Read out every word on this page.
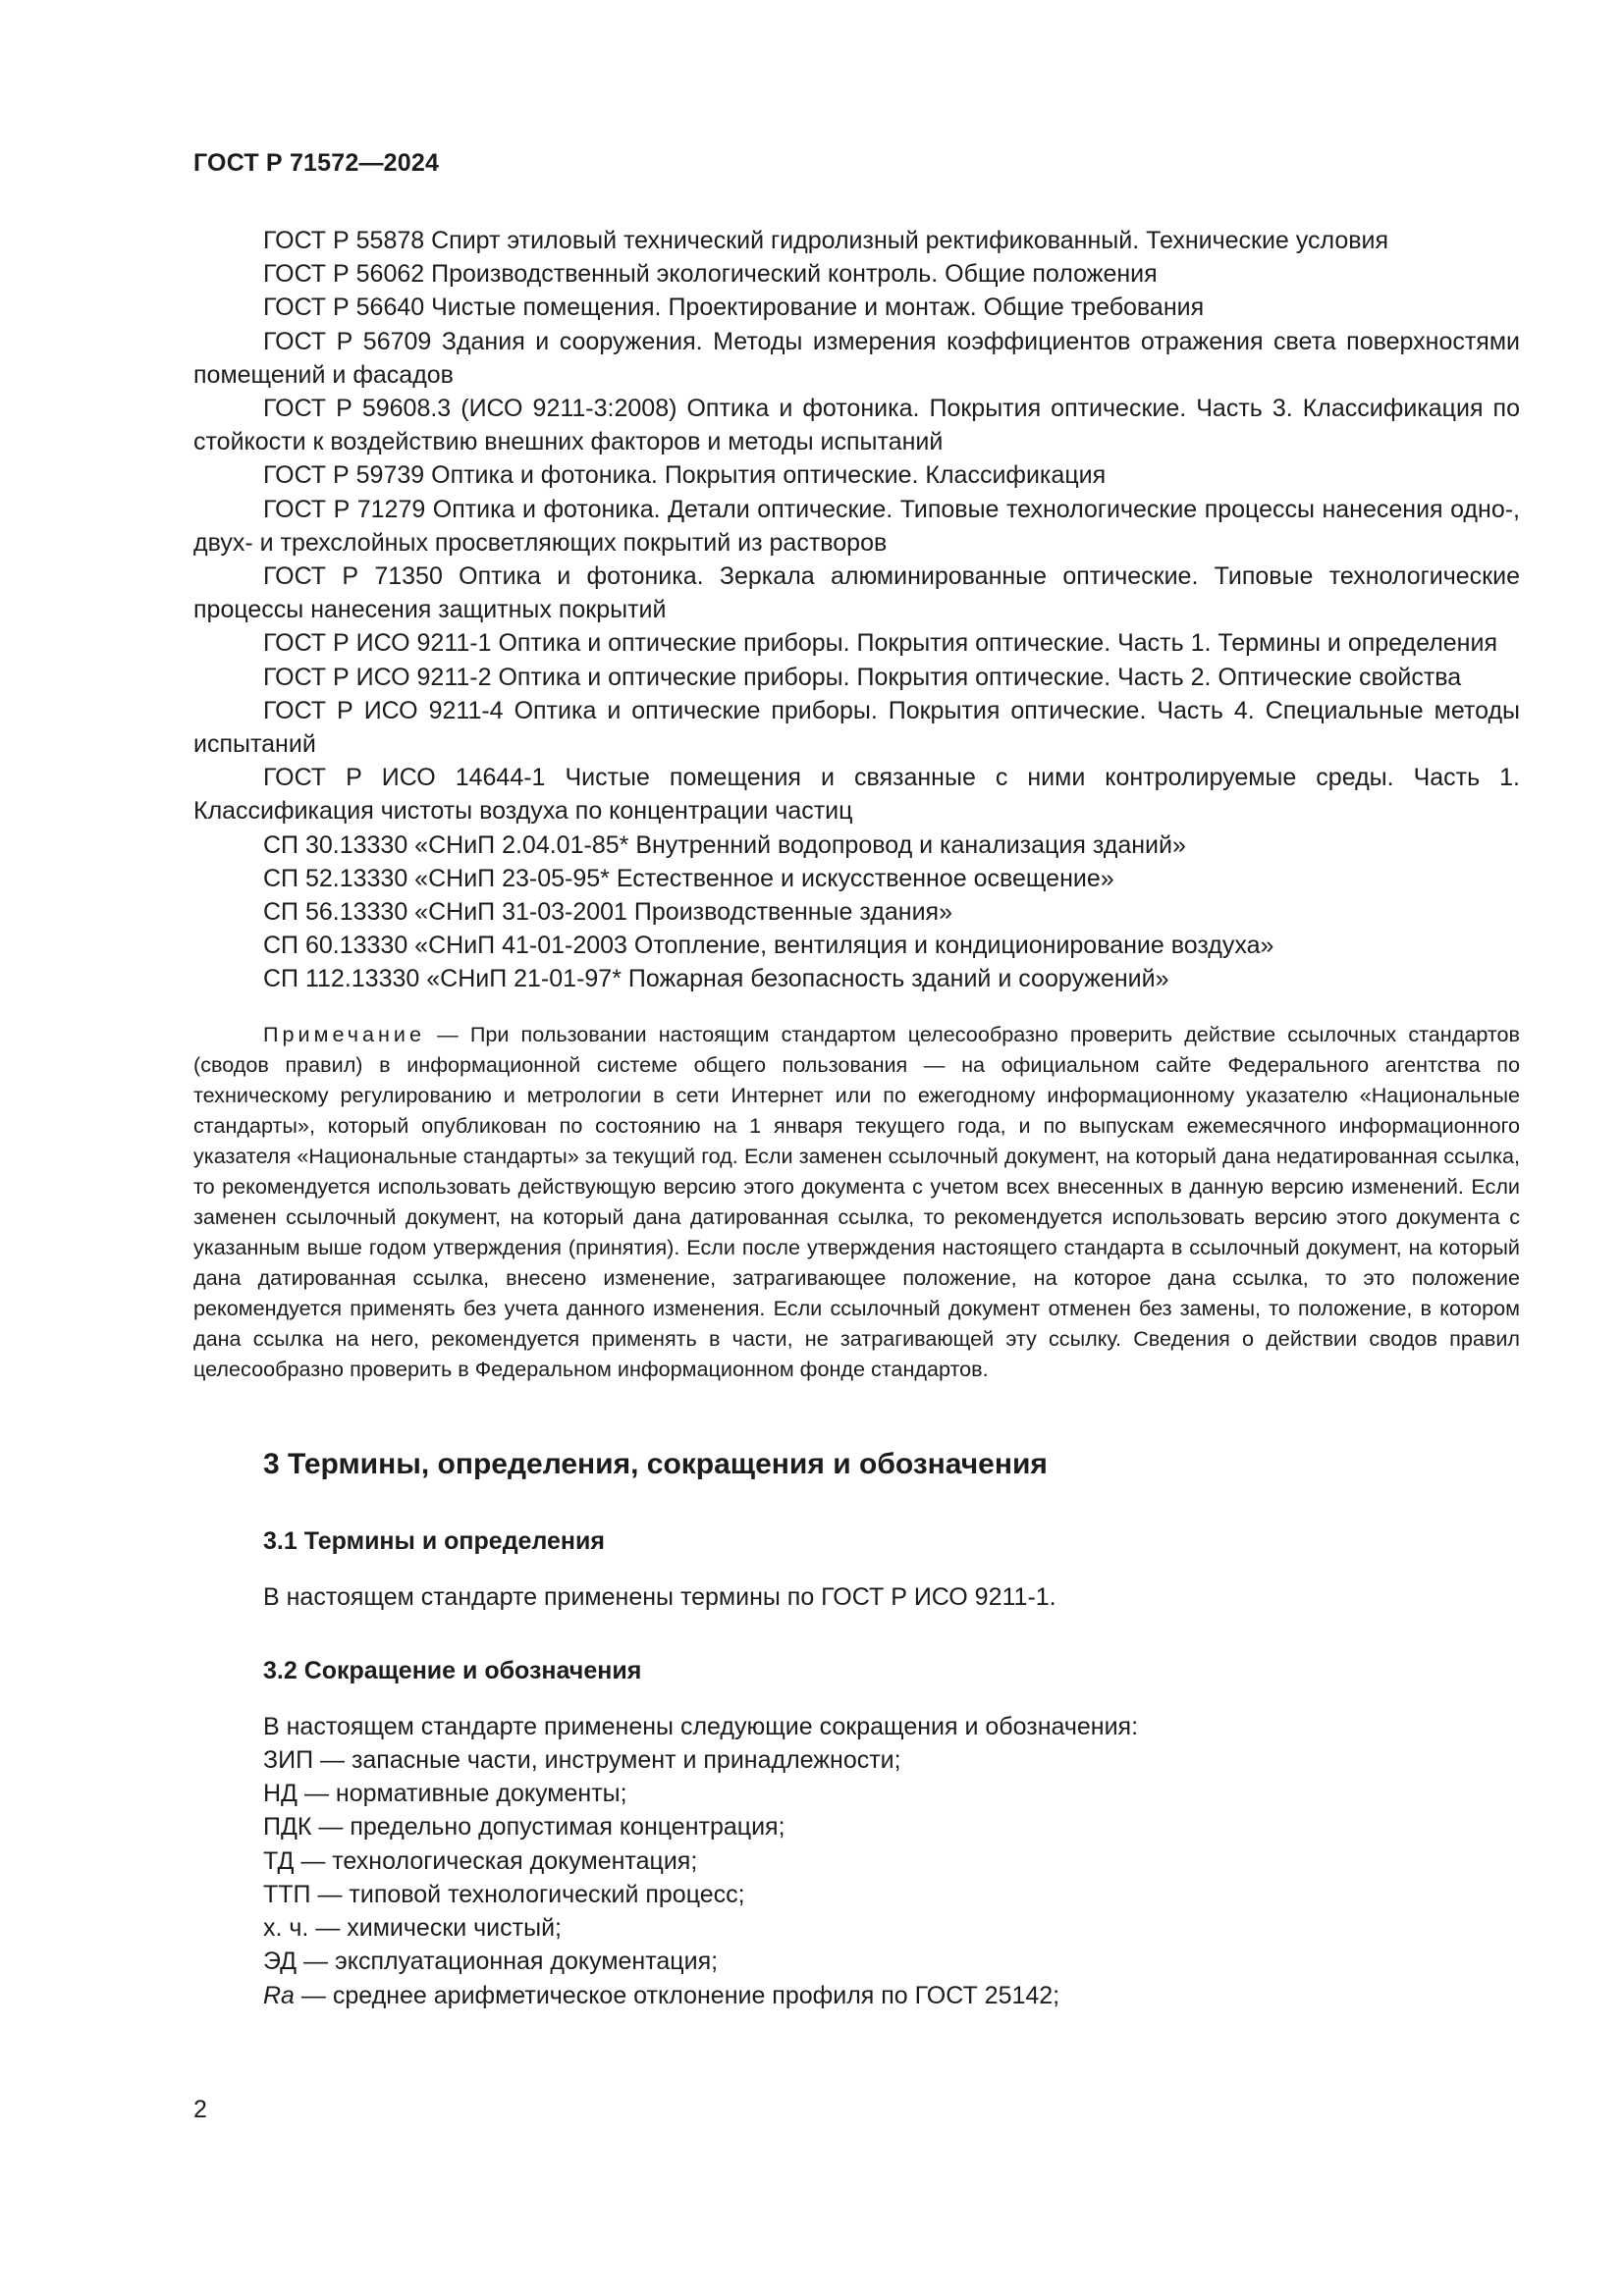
ГОСТ Р 71572—2024

ГОСТ Р 55878 Спирт этиловый технический гидролизный ректификованный. Технические условия

ГОСТ Р 56062 Производственный экологический контроль. Общие положения

ГОСТ Р 56640 Чистые помещения. Проектирование и монтаж. Общие требования

ГОСТ Р 56709 Здания и сооружения. Методы измерения коэффициентов отражения света поверхностями помещений и фасадов

ГОСТ Р 59608.3 (ИСО 9211-3:2008) Оптика и фотоника. Покрытия оптические. Часть 3. Классификация по стойкости к воздействию внешних факторов и методы испытаний

ГОСТ Р 59739 Оптика и фотоника. Покрытия оптические. Классификация

ГОСТ Р 71279 Оптика и фотоника. Детали оптические. Типовые технологические процессы нанесения одно-, двух- и трехслойных просветляющих покрытий из растворов

ГОСТ Р 71350 Оптика и фотоника. Зеркала алюминированные оптические. Типовые технологические процессы нанесения защитных покрытий

ГОСТ Р ИСО 9211-1 Оптика и оптические приборы. Покрытия оптические. Часть 1. Термины и определения

ГОСТ Р ИСО 9211-2 Оптика и оптические приборы. Покрытия оптические. Часть 2. Оптические свойства

ГОСТ Р ИСО 9211-4 Оптика и оптические приборы. Покрытия оптические. Часть 4. Специальные методы испытаний

ГОСТ Р ИСО 14644-1 Чистые помещения и связанные с ними контролируемые среды. Часть 1. Классификация чистоты воздуха по концентрации частиц

СП 30.13330 «СНиП 2.04.01-85* Внутренний водопровод и канализация зданий»

СП 52.13330 «СНиП 23-05-95* Естественное и искусственное освещение»

СП 56.13330 «СНиП 31-03-2001 Производственные здания»

СП 60.13330 «СНиП 41-01-2003 Отопление, вентиляция и кондиционирование воздуха»

СП 112.13330 «СНиП 21-01-97* Пожарная безопасность зданий и сооружений»

Примечание — При пользовании настоящим стандартом целесообразно проверить действие ссылочных стандартов (сводов правил) в информационной системе общего пользования — на официальном сайте Федерального агентства по техническому регулированию и метрологии в сети Интернет или по ежегодному информационному указателю «Национальные стандарты», который опубликован по состоянию на 1 января текущего года, и по выпускам ежемесячного информационного указателя «Национальные стандарты» за текущий год. Если заменен ссылочный документ, на который дана недатированная ссылка, то рекомендуется использовать действующую версию этого документа с учетом всех внесенных в данную версию изменений. Если заменен ссылочный документ, на который дана датированная ссылка, то рекомендуется использовать версию этого документа с указанным выше годом утверждения (принятия). Если после утверждения настоящего стандарта в ссылочный документ, на который дана датированная ссылка, внесено изменение, затрагивающее положение, на которое дана ссылка, то это положение рекомендуется применять без учета данного изменения. Если ссылочный документ отменен без замены, то положение, в котором дана ссылка на него, рекомендуется применять в части, не затрагивающей эту ссылку. Сведения о действии сводов правил целесообразно проверить в Федеральном информационном фонде стандартов.

3 Термины, определения, сокращения и обозначения
3.1 Термины и определения

В настоящем стандарте применены термины по ГОСТ Р ИСО 9211-1.

3.2 Сокращение и обозначения

В настоящем стандарте применены следующие сокращения и обозначения:

ЗИП — запасные части, инструмент и принадлежности;

НД — нормативные документы;

ПДК — предельно допустимая концентрация;

ТД — технологическая документация;

ТТП — типовой технологический процесс;

х. ч. — химически чистый;

ЭД — эксплуатационная документация;

Ra — среднее арифметическое отклонение профиля по ГОСТ 25142;

2
